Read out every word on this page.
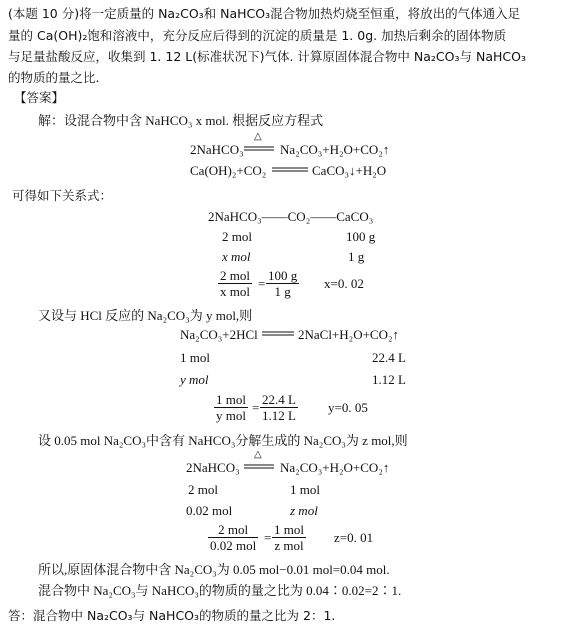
(本题 10 分)将一定质量的 Na₂CO₃和 NaHCO₃混合物加热灼烧至恒重，将放出的气体通入足
量的 Ca(OH)₂饱和溶液中，充分反应后得到的沉淀的质量是 1. 0g. 加热后剩余的固体物质
与足量盐酸反应，收集到 1. 12 L(标准状况下)气体. 计算原固体混合物中 Na₂CO₃与 NaHCO₃
的物质的量之比.
【答案】
解：设混合物中含 NaHCO₃ x mol. 根据反应方程式
2NaHCO₃
△
Na₂CO₃+H₂O+CO₂↑
Ca(OH)₂+CO₂	CaCO₃↓+H₂O
可得如下关系式：
2NaHCO₃——CO₂——CaCO₃
2 mol	100 g
x mol	1 g
2 mol
x mol
= $\frac{100 g}{1 g} x=0$. 02
又设与 HCl 反应的 Na₂CO₃为 y mol,则
Na₂CO₃+2HCl	2NaCl+H₂O+CO₂↑
1 mol	22.4 L
y mol	1.12 L
1 mol
y mol
= $\frac{22.4 L}{1.12 L} y=0$. 05
设 0.05 mol Na₂CO₃中含有 NaHCO₃分解生成的 Na₂CO₃为 z mol,则
2NaHCO₃
△
Na₂CO₃+H₂O+CO₂↑
2 mol	1 mol
0.02 mol	z mol
2 mol
0.02 mol
=
1 mol
z mol
z=0. 01
所以,原固体混合物中含 Na₂CO₃为 0.05 mol−0.01 mol=0.04 mol.
混合物中 Na₂CO₃与 NaHCO₃的物质的量之比为 0.04∶0.02=2∶1.
答：混合物中 Na₂CO₃与 NaHCO₃的物质的量之比为 2：1.
